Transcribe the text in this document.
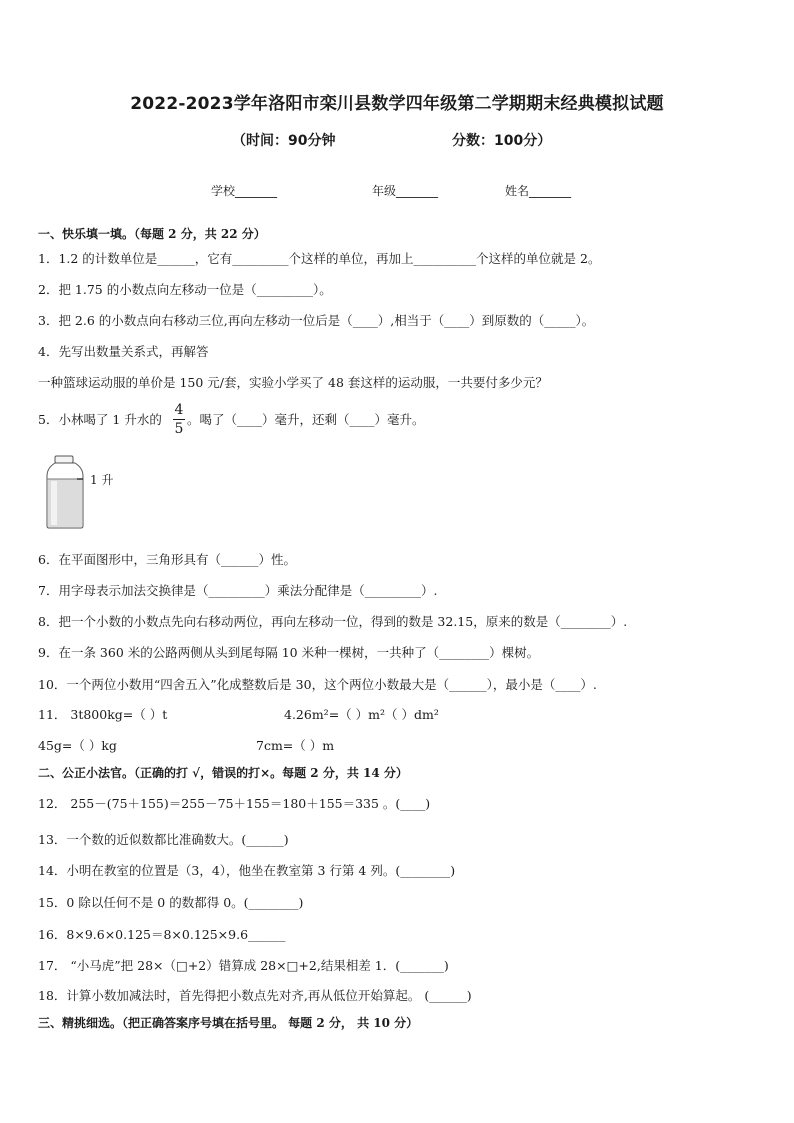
2022-2023学年洛阳市栾川县数学四年级第二学期期末经典模拟试题
（时间：90分钟	分数：100分）
学校_______	年级_______	姓名_______
一、快乐填一填。（每题 2 分，共 22 分）
1．1.2 的计数单位是______，它有_________个这样的单位，再加上__________个这样的单位就是 2。
2．把 1.75 的小数点向左移动一位是（_________）。
3．把 2.6 的小数点向右移动三位,再向左移动一位后是（____）,相当于（____）到原数的（_____）。
4．先写出数量关系式，再解答
一种篮球运动服的单价是 150 元/套，实验小学买了 48 套这样的运动服，一共要付多少元？
5．小林喝了 1 升水的
4
5
。喝了（____）毫升，还剩（____）毫升。
1 升
6．在平面图形中，三角形具有（______）性。
7．用字母表示加法交换律是（_________）乘法分配律是（_________）.
8．把一个小数的小数点先向右移动两位，再向左移动一位，得到的数是 32.15，原来的数是（________）.
9．在一条 360 米的公路两侧从头到尾每隔 10 米种一棵树，一共种了（________）棵树。
10．一个两位小数用“四舍五入”化成整数后是 30，这个两位小数最大是（______），最小是（____）.
11． 3t800kg=（ ）t	4.26m²=（ ）m²（ ）dm²
45g=（ ）kg	7cm=（ ）m
二、公正小法官。（正确的打 √，错误的打×。每题 2 分，共 14 分）
12． 255－(75＋155)＝255－75＋155＝180＋155＝335 。(____)
13．一个数的近似数都比准确数大。(______)
14．小明在教室的位置是（3，4），他坐在教室第 3 行第 4 列。(________)
15．0 除以任何不是 0 的数都得 0。(________)
16．8×9.6×0.125＝8×0.125×9.6______
17． “小马虎”把 28×（□+2）错算成 28×□+2,结果相差 1．(_______)
18．计算小数加减法时，首先得把小数点先对齐,再从低位开始算起。 (______)
三、精挑细选。（把正确答案序号填在括号里。 每题 2 分， 共 10 分）
